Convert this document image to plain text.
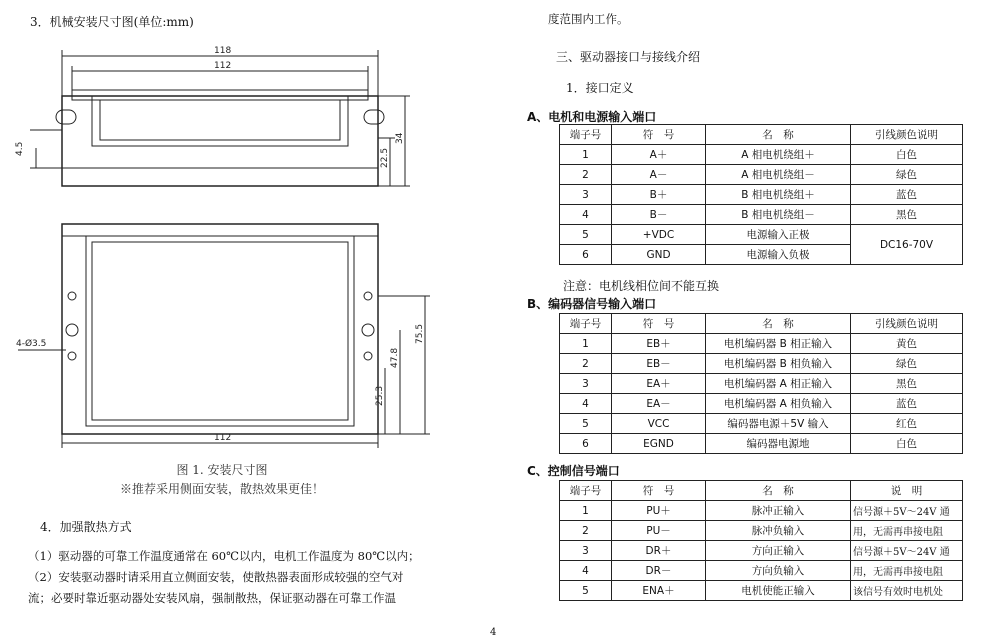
3．机械安装尺寸图(单位:mm)
118
112
4.5	22.5
34
4-Ø3.5	75.5
47.8
25.3
112
图 1. 安装尺寸图
※推荐采用侧面安装，散热效果更佳！
4．加强散热方式
（1）驱动器的可靠工作温度通常在 60℃以内，电机工作温度为 80℃以内；
（2）安装驱动器时请采用直立侧面安装，使散热器表面形成较强的空气对
流；必要时靠近驱动器处安装风扇，强制散热，保证驱动器在可靠工作温
度范围内工作。
三、驱动器接口与接线介绍
1．接口定义
A、电机和电源输入端口
端子号	符　号	名　称	引线颜色说明
1	A＋	A 相电机绕组＋	白色
2	A－	A 相电机绕组－	绿色
3	B＋	B 相电机绕组＋	蓝色
4	B－	B 相电机绕组－	黑色
5	+VDC	电源输入正极	DC16-70V
6	GND	电源输入负极	
注意：电机线相位间不能互换
B、编码器信号输入端口
端子号	符　号	名　称	引线颜色说明
1	EB＋	电机编码器 B 相正输入	黄色
2	EB－	电机编码器 B 相负输入	绿色
3	EA＋	电机编码器 A 相正输入	黑色
4	EA－	电机编码器 A 相负输入	蓝色
5	VCC	编码器电源＋5V 输入	红色
6	EGND	编码器电源地	白色
C、控制信号端口
端子号	符　号	名　称	说　明
1	PU＋	脉冲正输入	信号源＋5V～24V 通
2	PU－	脉冲负输入	用，无需再串接电阻
3	DR＋	方向正输入	信号源＋5V～24V 通
4	DR－	方向负输入	用，无需再串接电阻
5	ENA＋	电机使能正输入	该信号有效时电机处
4
